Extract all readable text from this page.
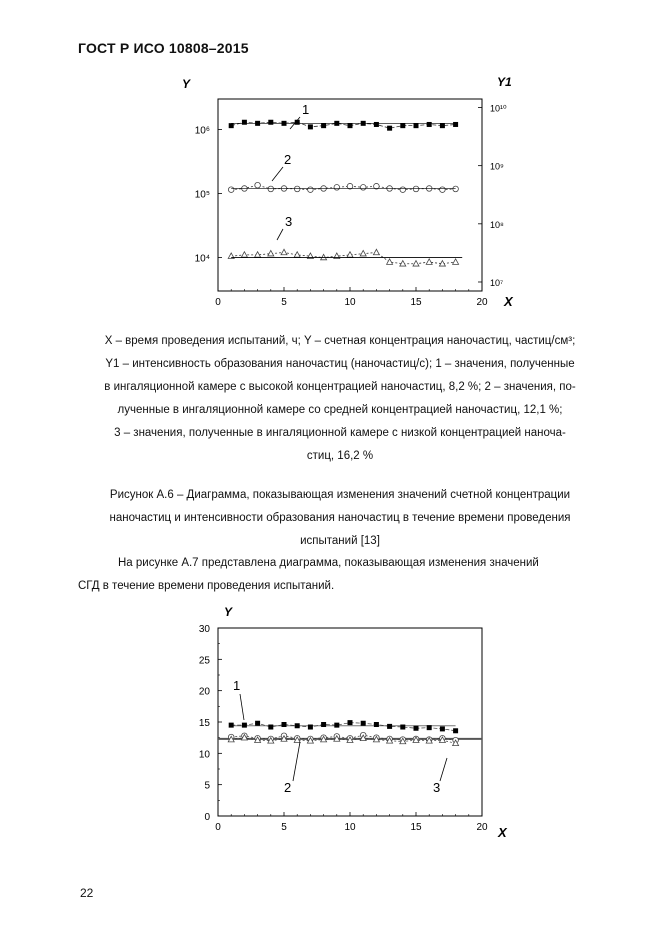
ГОСТ Р ИСО 10808–2015
Y	Y1
X
0	5	10	15	20
10⁴
10⁵
10⁶
10⁷
10⁸
10⁹
10¹⁰
1
2
3
X – время проведения испытаний, ч; Y – счетная концентрация наночастиц, частиц/см³;
Y1 – интенсивность образования наночастиц (наночастиц/с); 1 – значения, полученные
в ингаляционной камере с высокой концентрацией наночастиц, 8,2 %; 2 – значения, по-
лученные в ингаляционной камере со средней концентрацией наночастиц, 12,1 %;
3 – значения, полученные в ингаляционной камере с низкой концентрацией наноча-
стиц, 16,2 %
Рисунок А.6 – Диаграмма, показывающая изменения значений счетной концентрации
наночастиц и интенсивности образования наночастиц в течение времени проведения
испытаний [13]
На рисунке А.7 представлена диаграмма, показывающая изменения значений
СГД в течение времени проведения испытаний.
Y
X
0	5	10	15	20
0
5
10
15
20
25
30
1
2	3
22
